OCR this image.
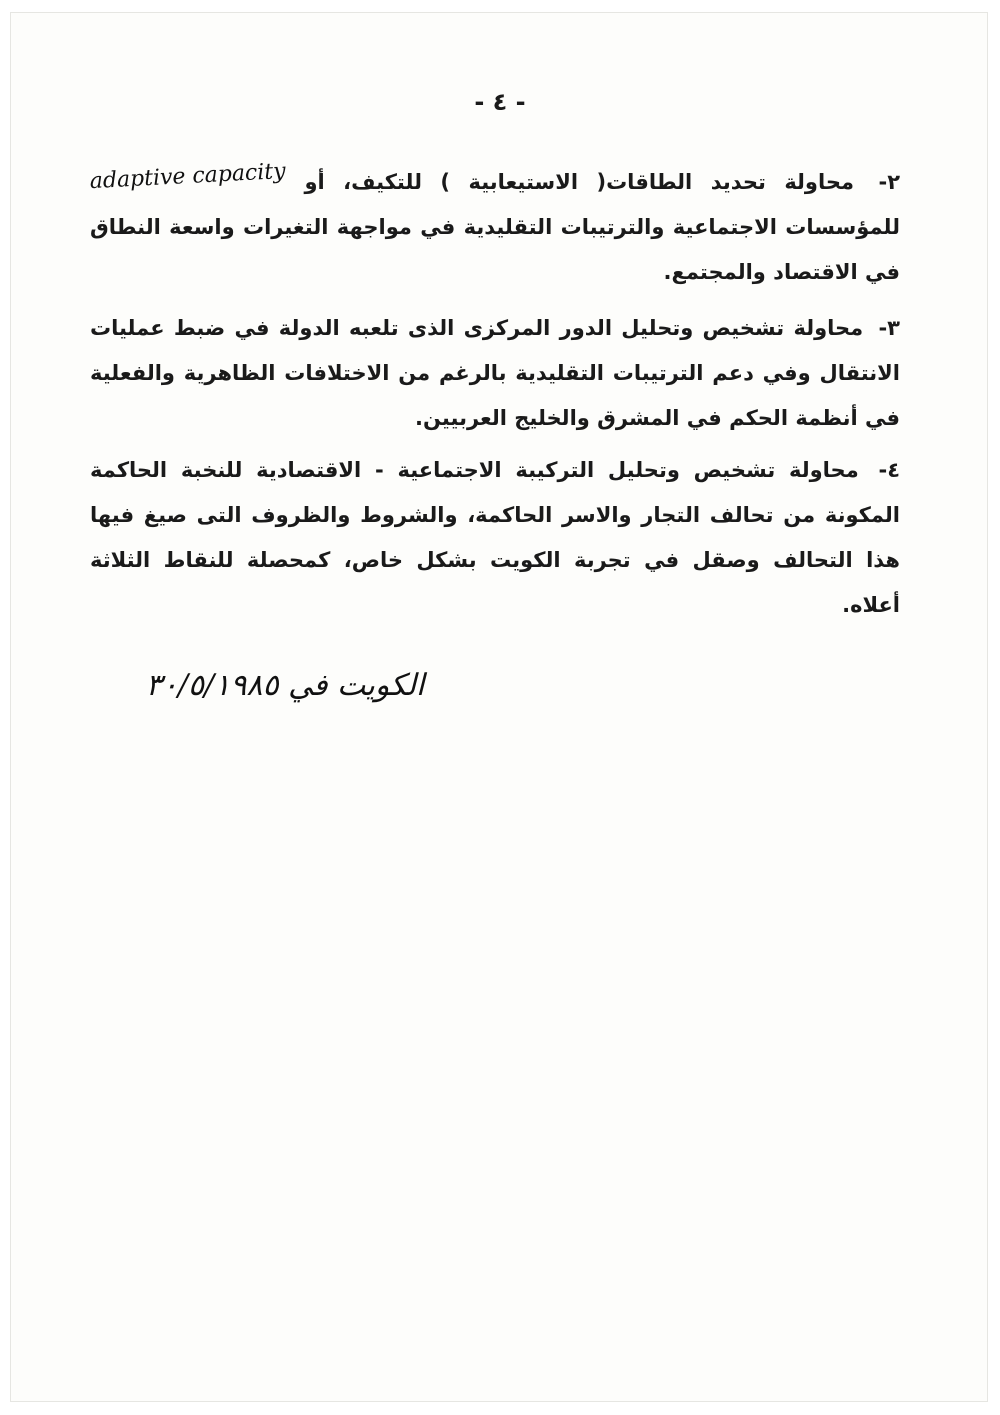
- ٤ -
٢- محاولة تحديد الطاقات( الاستيعابية ) للتكيف، أو adaptive capacity للمؤسسات الاجتماعية والترتيبات التقليدية في مواجهة التغيرات واسعة النطاق في الاقتصاد والمجتمع.
٣- محاولة تشخيص وتحليل الدور المركزى الذى تلعبه الدولة في ضبط عمليات الانتقال وفي دعم الترتيبات التقليدية بالرغم من الاختلافات الظاهرية والفعلية في أنظمة الحكم في المشرق والخليج العربيين.
٤- محاولة تشخيص وتحليل التركيبة الاجتماعية - الاقتصادية للنخبة الحاكمة المكونة من تحالف التجار والاسر الحاكمة، والشروط والظروف التى صيغ فيها هذا التحالف وصقل في تجربة الكويت بشكل خاص، كمحصلة للنقاط الثلاثة أعلاه.
الكويت في ٣٠/٥/١٩٨٥
